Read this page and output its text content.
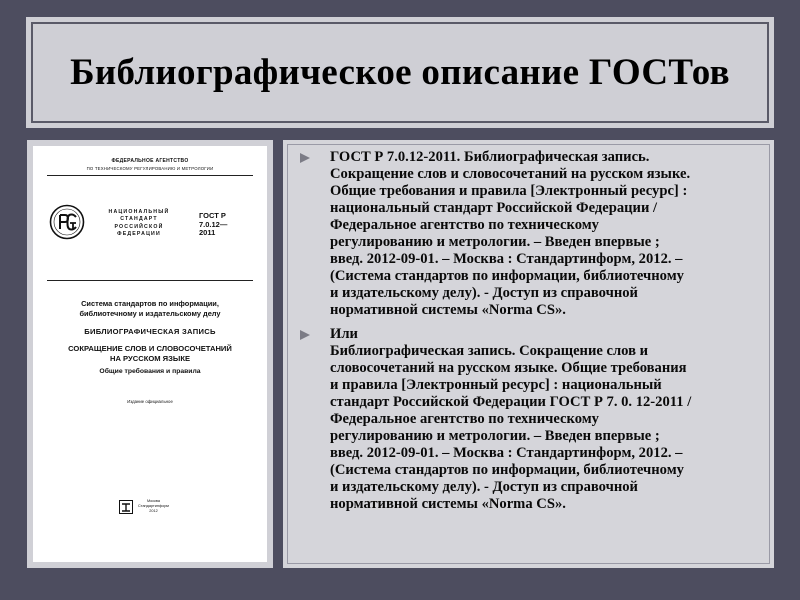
Библиографическое описание ГОСТов
ФЕДЕРАЛЬНОЕ АГЕНТСТВО
ПО ТЕХНИЧЕСКОМУ РЕГУЛИРОВАНИЮ И МЕТРОЛОГИИ
НАЦИОНАЛЬНЫЙ
СТАНДАРТ
РОССИЙСКОЙ
ФЕДЕРАЦИИ
ГОСТ Р
7.0.12—
2011
Система стандартов по информации,
библиотечному и издательскому делу
БИБЛИОГРАФИЧЕСКАЯ ЗАПИСЬ
СОКРАЩЕНИЕ СЛОВ И СЛОВОСОЧЕТАНИЙ
НА РУССКОМ ЯЗЫКЕ
Общие требования и правила
Издание официальное
Москва
Стандартинформ
2012
ГОСТ Р 7.0.12-2011. Библиографическая запись.
Сокращение слов и словосочетаний на русском языке.
Общие требования и правила [Электронный ресурс] :
национальный стандарт Российской Федерации /
Федеральное агентство по техническому
регулированию и метрологии. – Введен впервые ;
введ. 2012-09-01. – Москва : Стандартинформ, 2012. –
(Система стандартов по информации, библиотечному
и издательскому делу). - Доступ из справочной
нормативной системы «Norma CS».
Или
Библиографическая запись. Сокращение слов и
словосочетаний на русском языке. Общие требования
и правила [Электронный ресурс] : национальный
стандарт Российской Федерации ГОСТ Р 7. 0. 12-2011 /
Федеральное агентство по техническому
регулированию и метрологии. – Введен впервые ;
введ. 2012-09-01. – Москва : Стандартинформ, 2012. –
(Система стандартов по информации, библиотечному
и издательскому делу). - Доступ из справочной
нормативной системы «Norma CS».
